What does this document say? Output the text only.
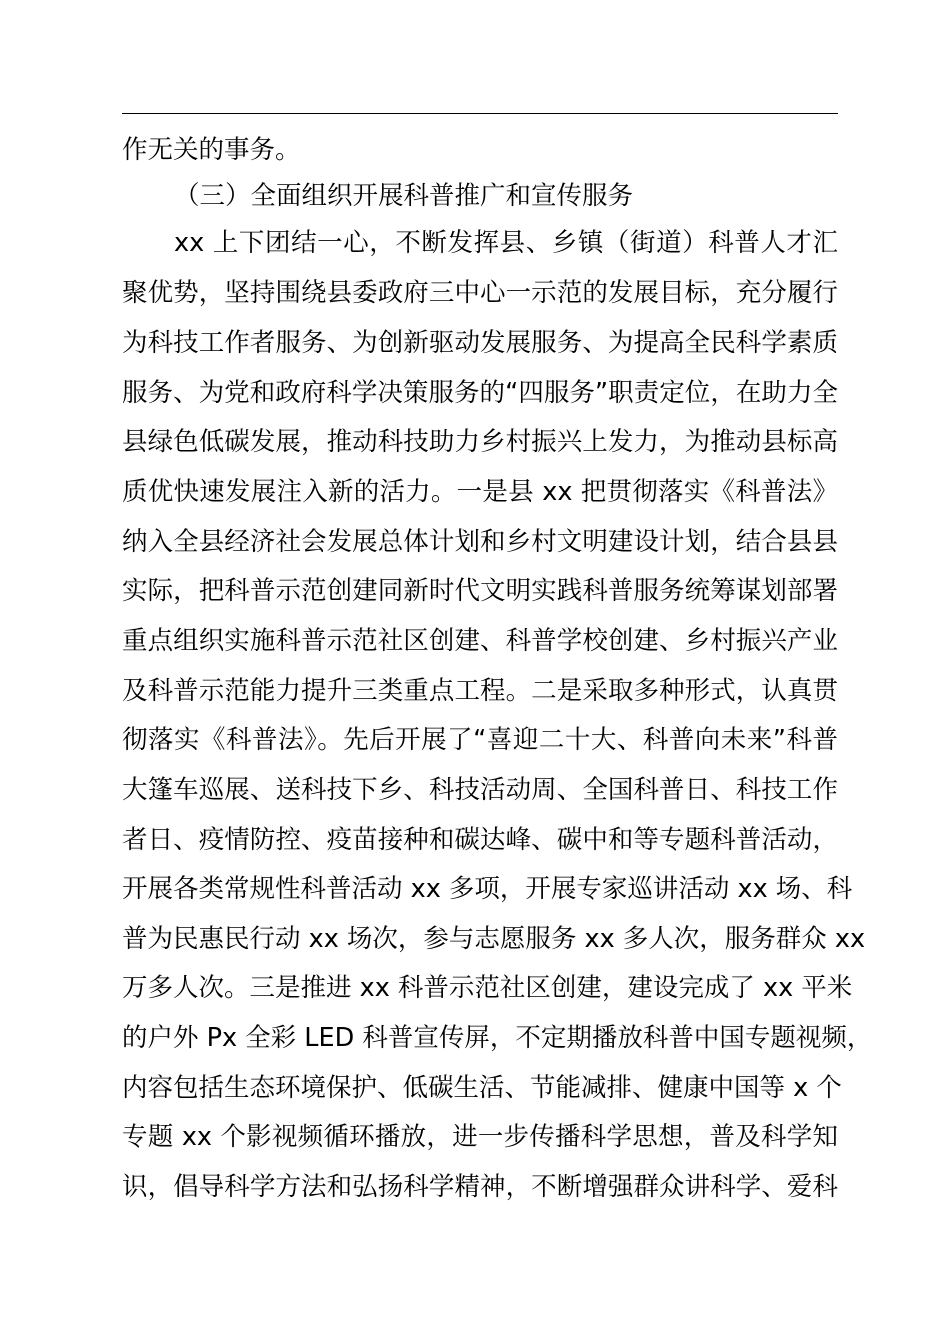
作无关的事务。
（三）全面组织开展科普推广和宣传服务
xx 上下团结一心，不断发挥县、乡镇（街道）科普人才汇
聚优势，坚持围绕县委政府三中心一示范的发展目标，充分履行
为科技工作者服务、为创新驱动发展服务、为提高全民科学素质
服务、为党和政府科学决策服务的“四服务”职责定位，在助力全
县绿色低碳发展，推动科技助力乡村振兴上发力，为推动县标高
质优快速发展注入新的活力。一是县 xx 把贯彻落实《科普法》
纳入全县经济社会发展总体计划和乡村文明建设计划，结合县县
实际，把科普示范创建同新时代文明实践科普服务统筹谋划部署
重点组织实施科普示范社区创建、科普学校创建、乡村振兴产业
及科普示范能力提升三类重点工程。二是采取多种形式，认真贯
彻落实《科普法》。先后开展了“喜迎二十大、科普向未来”科普
大篷车巡展、送科技下乡、科技活动周、全国科普日、科技工作
者日、疫情防控、疫苗接种和碳达峰、碳中和等专题科普活动，
开展各类常规性科普活动 xx 多项，开展专家巡讲活动 xx 场、科
普为民惠民行动 xx 场次，参与志愿服务 xx 多人次，服务群众 xx
万多人次。三是推进 xx 科普示范社区创建，建设完成了 xx 平米
的户外 Px 全彩 LED 科普宣传屏，不定期播放科普中国专题视频，
内容包括生态环境保护、低碳生活、节能减排、健康中国等 x 个
专题 xx 个影视频循环播放，进一步传播科学思想，普及科学知
识，倡导科学方法和弘扬科学精神，不断增强群众讲科学、爱科
